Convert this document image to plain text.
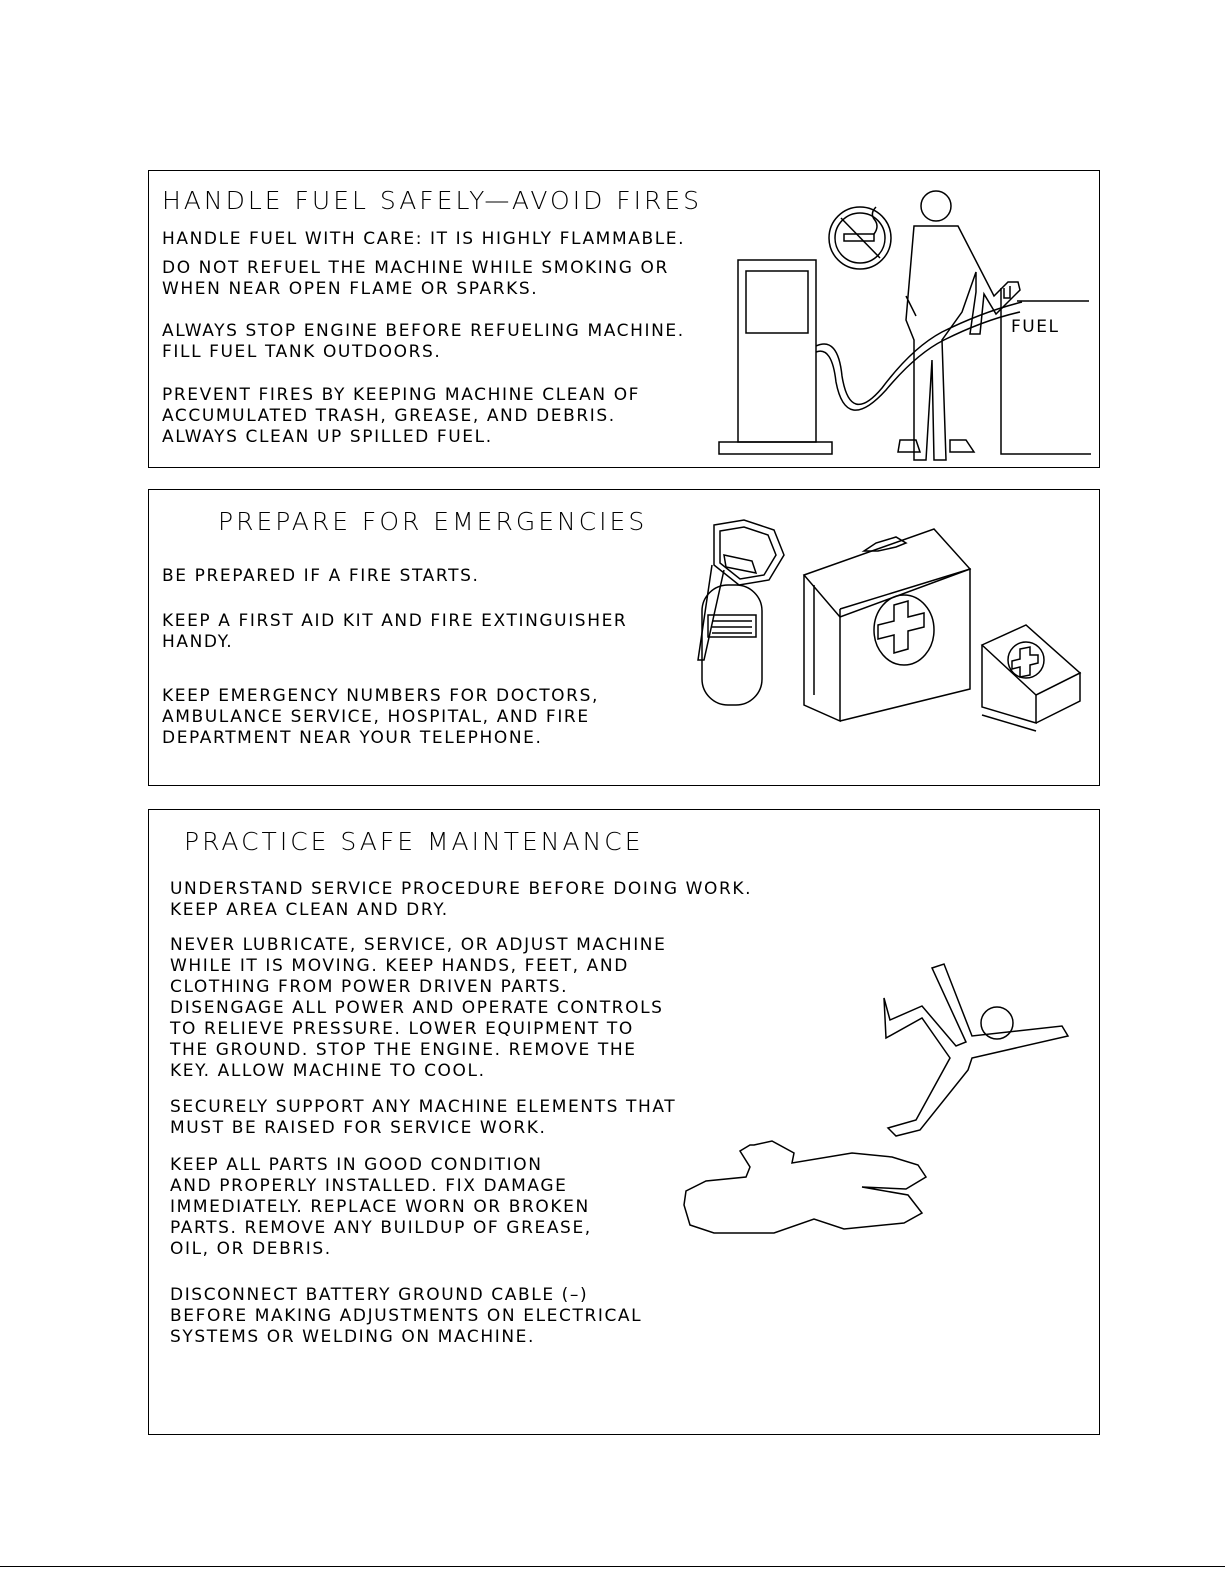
HANDLE FUEL SAFELY—AVOID FIRES
HANDLE FUEL WITH CARE: IT IS HIGHLY FLAMMABLE.
DO NOT REFUEL THE MACHINE WHILE SMOKING OR
WHEN NEAR OPEN FLAME OR SPARKS.
ALWAYS STOP ENGINE BEFORE REFUELING MACHINE.
FILL FUEL TANK OUTDOORS.
PREVENT FIRES BY KEEPING MACHINE CLEAN OF
ACCUMULATED TRASH, GREASE, AND DEBRIS.
ALWAYS CLEAN UP SPILLED FUEL.
FUEL
PREPARE FOR EMERGENCIES
BE PREPARED IF A FIRE STARTS.
KEEP A FIRST AID KIT AND FIRE EXTINGUISHER
HANDY.
KEEP EMERGENCY NUMBERS FOR DOCTORS,
AMBULANCE SERVICE, HOSPITAL, AND FIRE
DEPARTMENT NEAR YOUR TELEPHONE.
PRACTICE SAFE MAINTENANCE
UNDERSTAND SERVICE PROCEDURE BEFORE DOING WORK.
KEEP AREA CLEAN AND DRY.
NEVER LUBRICATE, SERVICE, OR ADJUST MACHINE
WHILE IT IS MOVING. KEEP HANDS, FEET, AND
CLOTHING FROM POWER DRIVEN PARTS.
DISENGAGE ALL POWER AND OPERATE CONTROLS
TO RELIEVE PRESSURE. LOWER EQUIPMENT TO
THE GROUND. STOP THE ENGINE. REMOVE THE
KEY. ALLOW MACHINE TO COOL.
SECURELY SUPPORT ANY MACHINE ELEMENTS THAT
MUST BE RAISED FOR SERVICE WORK.
KEEP ALL PARTS IN GOOD CONDITION
AND PROPERLY INSTALLED. FIX DAMAGE
IMMEDIATELY. REPLACE WORN OR BROKEN
PARTS. REMOVE ANY BUILDUP OF GREASE,
OIL, OR DEBRIS.
DISCONNECT BATTERY GROUND CABLE (–)
BEFORE MAKING ADJUSTMENTS ON ELECTRICAL
SYSTEMS OR WELDING ON MACHINE.
